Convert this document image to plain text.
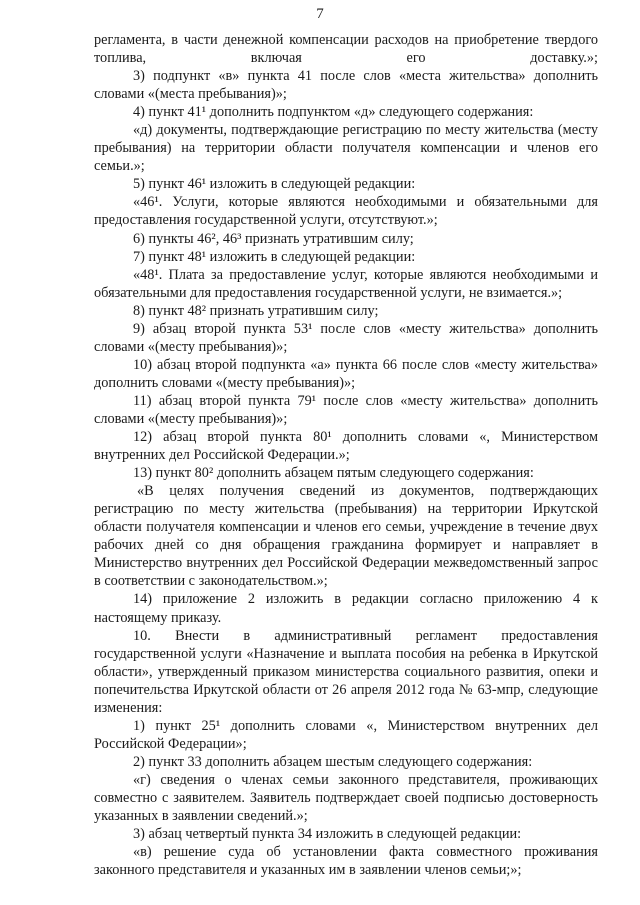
7
регламента, в части денежной компенсации расходов на приобретение твердого топлива, включая его доставку.»;
3) подпункт «в» пункта 41 после слов «места жительства» дополнить словами «(места пребывания)»;
4) пункт 41¹ дополнить подпунктом «д» следующего содержания:
«д) документы, подтверждающие регистрацию по месту жительства (месту пребывания) на территории области получателя компенсации и членов его семьи.»;
5) пункт 46¹ изложить в следующей редакции:
«46¹. Услуги, которые являются необходимыми и обязательными для предоставления государственной услуги, отсутствуют.»;
6) пункты 46², 46³ признать утратившим силу;
7) пункт 48¹ изложить в следующей редакции:
«48¹. Плата за предоставление услуг, которые являются необходимыми и обязательными для предоставления государственной услуги, не взимается.»;
8) пункт 48² признать утратившим силу;
9) абзац второй пункта 53¹ после слов «месту жительства» дополнить словами «(месту пребывания)»;
10) абзац второй подпункта «а» пункта 66 после слов «месту жительства» дополнить словами «(месту пребывания)»;
11) абзац второй пункта 79¹ после слов «месту жительства» дополнить словами «(месту пребывания)»;
12) абзац второй пункта 80¹ дополнить словами «, Министерством внутренних дел Российской Федерации.»;
13) пункт 80² дополнить абзацем пятым следующего содержания:
«В целях получения сведений из документов, подтверждающих регистрацию по месту жительства (пребывания) на территории Иркутской области получателя компенсации и членов его семьи, учреждение в течение двух рабочих дней со дня обращения гражданина формирует и направляет в Министерство внутренних дел Российской Федерации межведомственный запрос в соответствии с законодательством.»;
14) приложение 2 изложить в редакции согласно приложению 4 к настоящему приказу.
10. Внести в административный регламент предоставления государственной услуги «Назначение и выплата пособия на ребенка в Иркутской области», утвержденный приказом министерства социального развития, опеки и попечительства Иркутской области от 26 апреля 2012 года № 63-мпр, следующие изменения:
1) пункт 25¹ дополнить словами «, Министерством внутренних дел Российской Федерации»;
2) пункт 33 дополнить абзацем шестым следующего содержания:
«г) сведения о членах семьи законного представителя, проживающих совместно с заявителем. Заявитель подтверждает своей подписью достоверность указанных в заявлении сведений.»;
3) абзац четвертый пункта 34 изложить в следующей редакции:
«в) решение суда об установлении факта совместного проживания законного представителя и указанных им в заявлении членов семьи;»;
